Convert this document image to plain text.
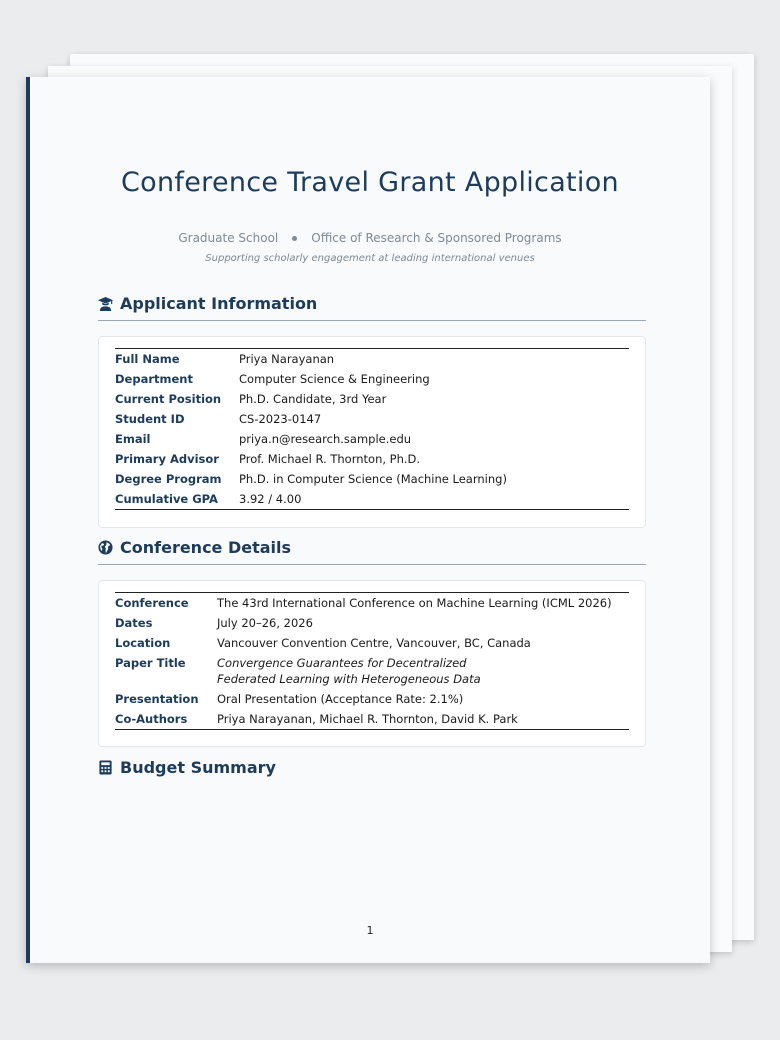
Conference Travel Grant Application
Graduate School	Office of Research & Sponsored Programs
Supporting scholarly engagement at leading international venues
Applicant Information
Full Name	Priya Narayanan
Department	Computer Science & Engineering
Current Position	Ph.D. Candidate, 3rd Year
Student ID	CS-2023-0147
Email	priya.n@research.sample.edu
Primary Advisor	Prof. Michael R. Thornton, Ph.D.
Degree Program	Ph.D. in Computer Science (Machine Learning)
Cumulative GPA	3.92 / 4.00
Conference Details
Conference	The 43rd International Conference on Machine Learning (ICML 2026)
Dates	July 20–26, 2026
Location	Vancouver Convention Centre, Vancouver, BC, Canada
Paper Title	Convergence Guarantees for Decentralized Federated Learning with Heterogeneous Data
Presentation	Oral Presentation (Acceptance Rate: 2.1%)
Co-Authors	Priya Narayanan, Michael R. Thornton, David K. Park
Budget Summary
1
